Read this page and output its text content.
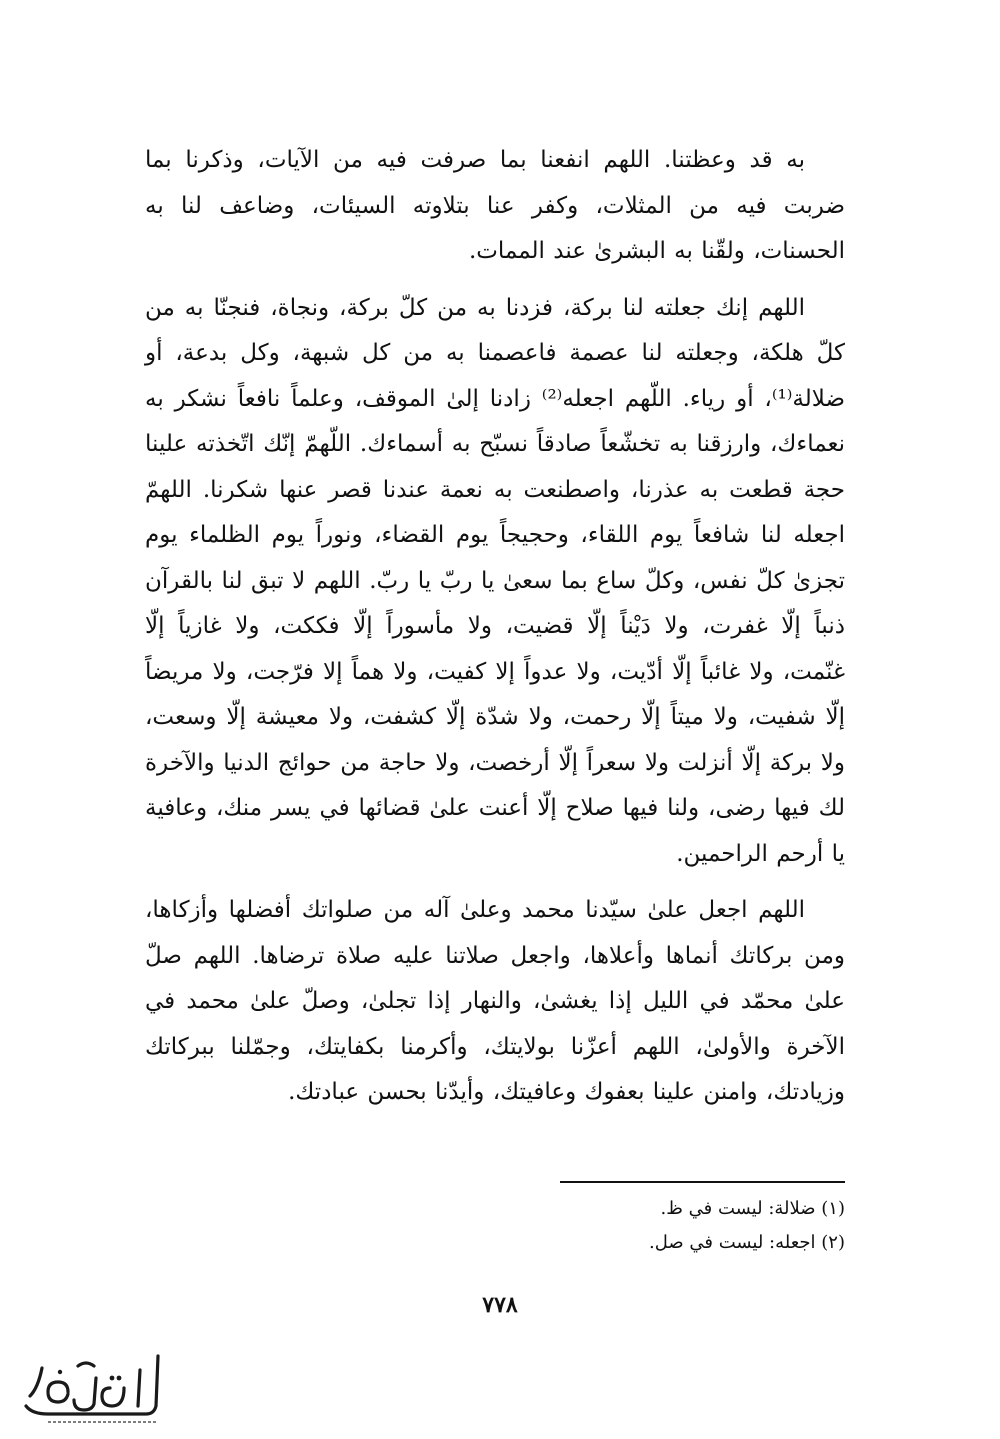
به قد وعظتنا. اللهم انفعنا بما صرفت فيه من الآيات، وذكرنا بما ضربت فيه من المثلات، وكفر عنا بتلاوته السيئات، وضاعف لنا به الحسنات، ولقّنا به البشرىٰ عند الممات.

اللهم إنك جعلته لنا بركة، فزدنا به من كلّ بركة، ونجاة، فنجنّا به من كلّ هلكة، وجعلته لنا عصمة فاعصمنا به من كل شبهة، وكل بدعة، أو ضلالة⁽¹⁾، أو رياء. اللّهم اجعله⁽²⁾ زادنا إلىٰ الموقف، وعلماً نافعاً نشكر به نعماءك، وارزقنا به تخشّعاً صادقاً نسبّح به أسماءك. اللّهمّ إنّك اتّخذته علينا حجة قطعت به عذرنا، واصطنعت به نعمة عندنا قصر عنها شكرنا. اللهمّ اجعله لنا شافعاً يوم اللقاء، وحجيجاً يوم القضاء، ونوراً يوم الظلماء يوم تجزىٰ كلّ نفس، وكلّ ساع بما سعىٰ يا ربّ يا ربّ. اللهم لا تبق لنا بالقرآن ذنباً إلّا غفرت، ولا دَيْناً إلّا قضيت، ولا مأسوراً إلّا فككت، ولا غازياً إلّا غنّمت، ولا غائباً إلّا أدّيت، ولا عدواً إلا كفيت، ولا هماً إلا فرّجت، ولا مريضاً إلّا شفيت، ولا ميتاً إلّا رحمت، ولا شدّة إلّا كشفت، ولا معيشة إلّا وسعت، ولا بركة إلّا أنزلت ولا سعراً إلّا أرخصت، ولا حاجة من حوائج الدنيا والآخرة لك فيها رضى، ولنا فيها صلاح إلّا أعنت علىٰ قضائها في يسر منك، وعافية يا أرحم الراحمين.

اللهم اجعل علىٰ سيّدنا محمد وعلىٰ آله من صلواتك أفضلها وأزكاها، ومن بركاتك أنماها وأعلاها، واجعل صلاتنا عليه صلاة ترضاها. اللهم صلّ علىٰ محمّد في الليل إذا يغشىٰ، والنهار إذا تجلىٰ، وصلّ علىٰ محمد في الآخرة والأولىٰ، اللهم أعزّنا بولايتك، وأكرمنا بكفايتك، وجمّلنا ببركاتك وزيادتك، وامنن علينا بعفوك وعافيتك، وأيدّنا بحسن عبادتك.

(١) ضلالة: ليست في ظ.

(٢) اجعله: ليست في صل.

٧٧٨
